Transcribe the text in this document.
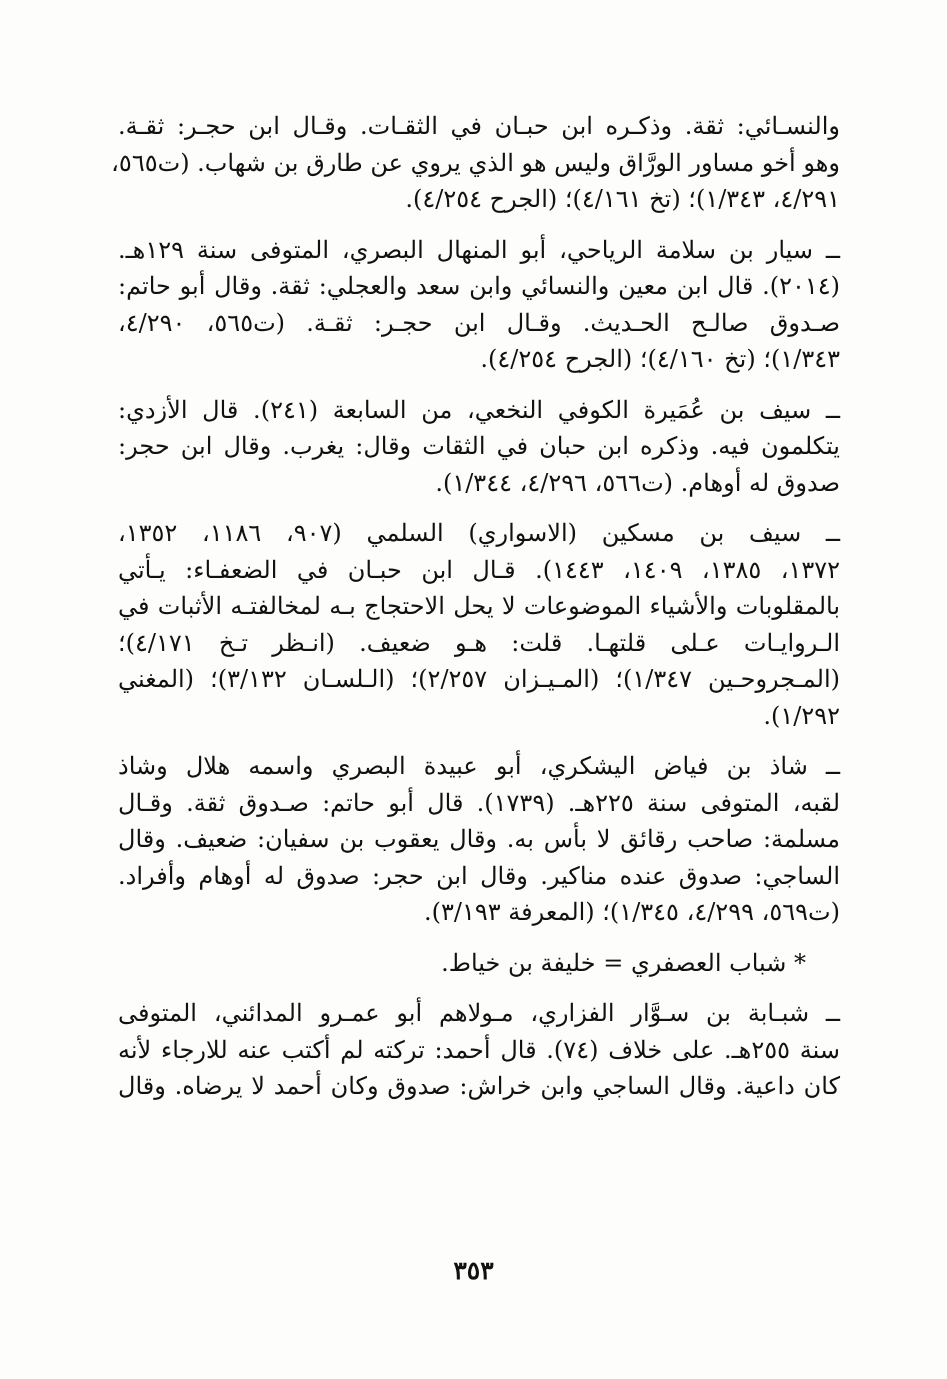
والنسـائي: ثقة. وذكـره ابن حبـان في الثقـات. وقـال ابن حجـر: ثقـة.
وهو أخو مساور الورَّاق وليس هو الذي يروي عن طارق بن شهاب. (ت٥٦٥،
٤/٢٩١، ١/٣٤٣)؛ (تخ ٤/١٦١)؛ (الجرح ٤/٢٥٤).
ــ سيار بن سلامة الرياحي، أبو المنهال البصري، المتوفى سنة ١٢٩هـ.
(٢٠١٤). قال ابن معين والنسائي وابن سعد والعجلي: ثقة. وقال أبو حاتم:
صـدوق صالـح الحـديث. وقـال ابن حجـر: ثقـة. (ت٥٦٥، ٤/٢٩٠،
١/٣٤٣)؛ (تخ ٤/١٦٠)؛ (الجرح ٤/٢٥٤).
ــ سيف بن عُمَيرة الكوفي النخعي، من السابعة (٢٤١). قال الأزدي:
يتكلمون فيه. وذكره ابن حبان في الثقات وقال: يغرب. وقال ابن حجر:
صدوق له أوهام. (ت٥٦٦، ٤/٢٩٦، ١/٣٤٤).
ــ سيف بن مسكين (الاسواري) السلمي (٩٠٧، ١١٨٦، ١٣٥٢،
١٣٧٢، ١٣٨٥، ١٤٠٩، ١٤٤٣). قـال ابن حبـان في الضعفـاء: يـأتي
بالمقلوبات والأشياء الموضوعات لا يحل الاحتجاج بـه لمخالفتـه الأثبات في
الـروايـات عـلى قلتهـا. قلت: هـو ضعيف. (انـظر تـخ ٤/١٧١)؛
(المـجروحـين ١/٣٤٧)؛ (المـيـزان ٢/٢٥٧)؛ (الـلسـان ٣/١٣٢)؛ (المغني
١/٢٩٢).
ــ شاذ بن فياض اليشكري، أبو عبيدة البصري واسمه هلال وشاذ
لقبه، المتوفى سنة ٢٢٥هـ. (١٧٣٩). قال أبو حاتم: صـدوق ثقة. وقـال
مسلمة: صاحب رقائق لا بأس به. وقال يعقوب بن سفيان: ضعيف. وقال
الساجي: صدوق عنده مناكير. وقال ابن حجر: صدوق له أوهام وأفراد.
(ت٥٦٩، ٤/٢٩٩، ١/٣٤٥)؛ (المعرفة ٣/١٩٣).
* شباب العصفري = خليفة بن خياط.
ــ شبـابة بن سـوَّار الفزاري، مـولاهم أبو عمـرو المدائني، المتوفى
سنة ٢٥٥هـ. على خلاف (٧٤). قال أحمد: تركته لم أكتب عنه للارجاء لأنه
كان داعية. وقال الساجي وابن خراش: صدوق وكان أحمد لا يرضاه. وقال
٣٥٣
